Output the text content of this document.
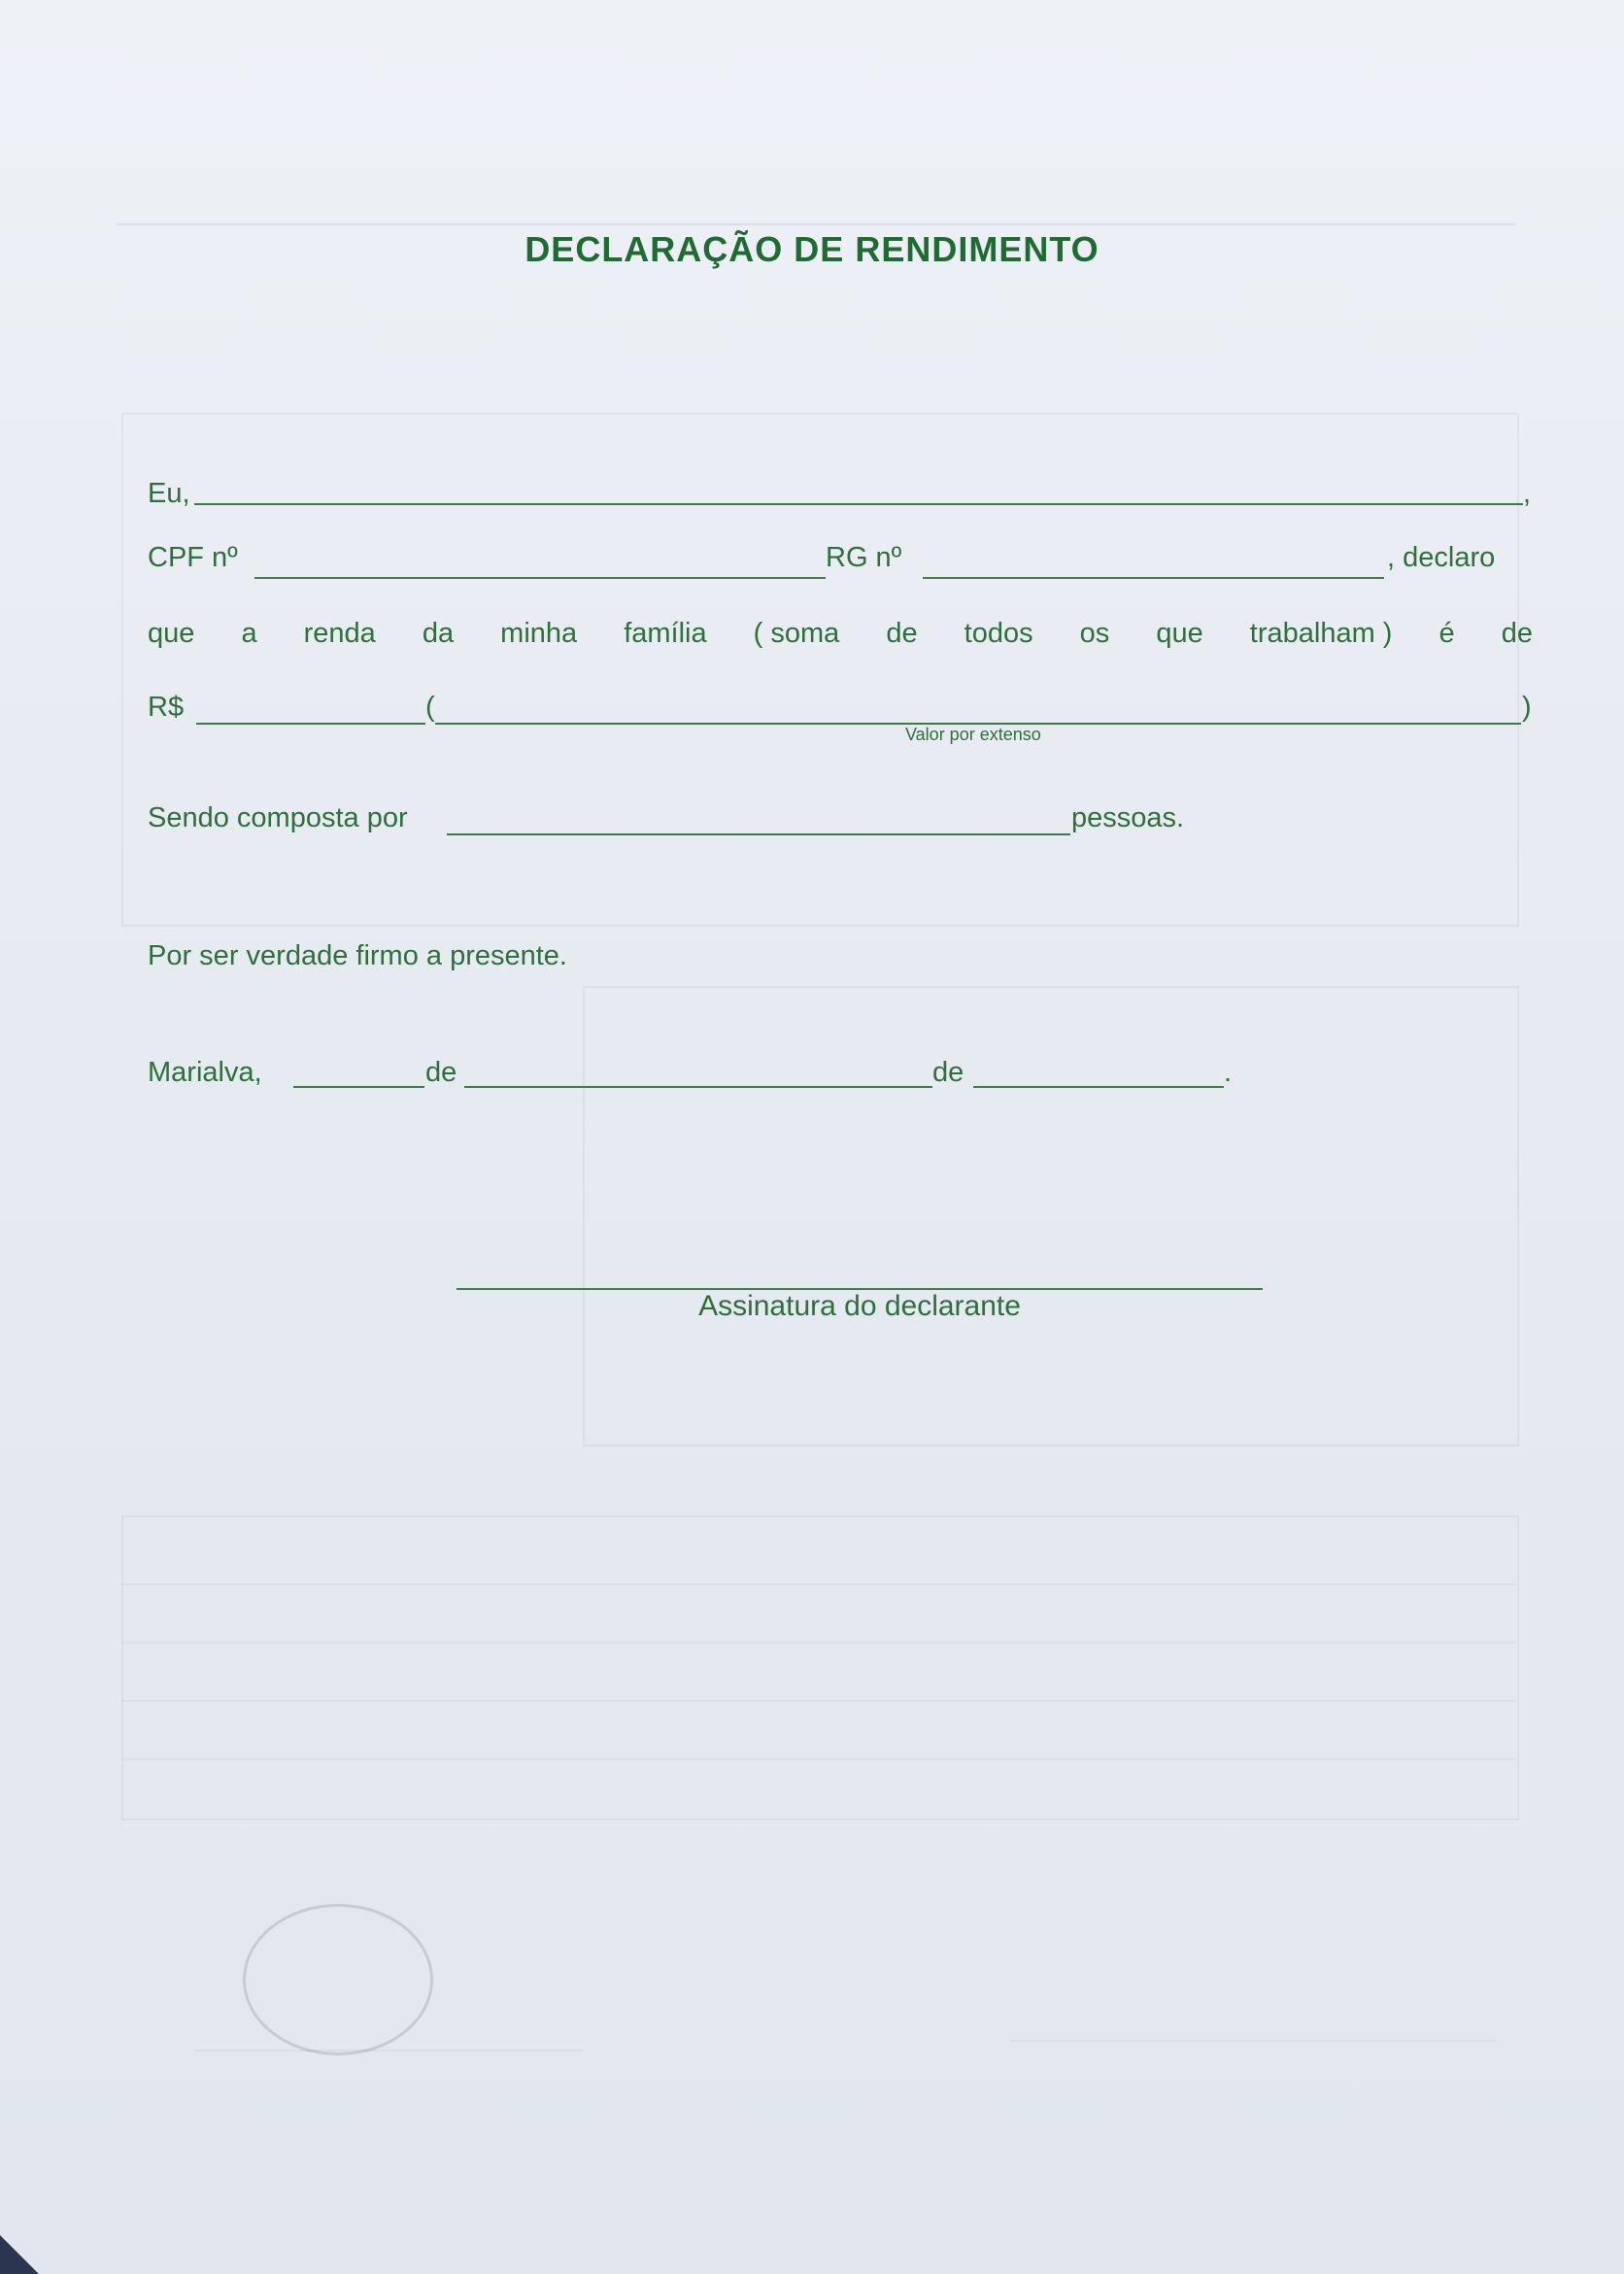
DECLARAÇÃO DE RENDIMENTO
Eu,	,
CPF nº	RG nº	, declaro
que a renda da minha família ( soma de todos os que trabalham ) é de
R$	(	)
Valor por extenso
Sendo composta por	pessoas.
Por ser verdade firmo a presente.
Marialva,	de	de	.
Assinatura do declarante
